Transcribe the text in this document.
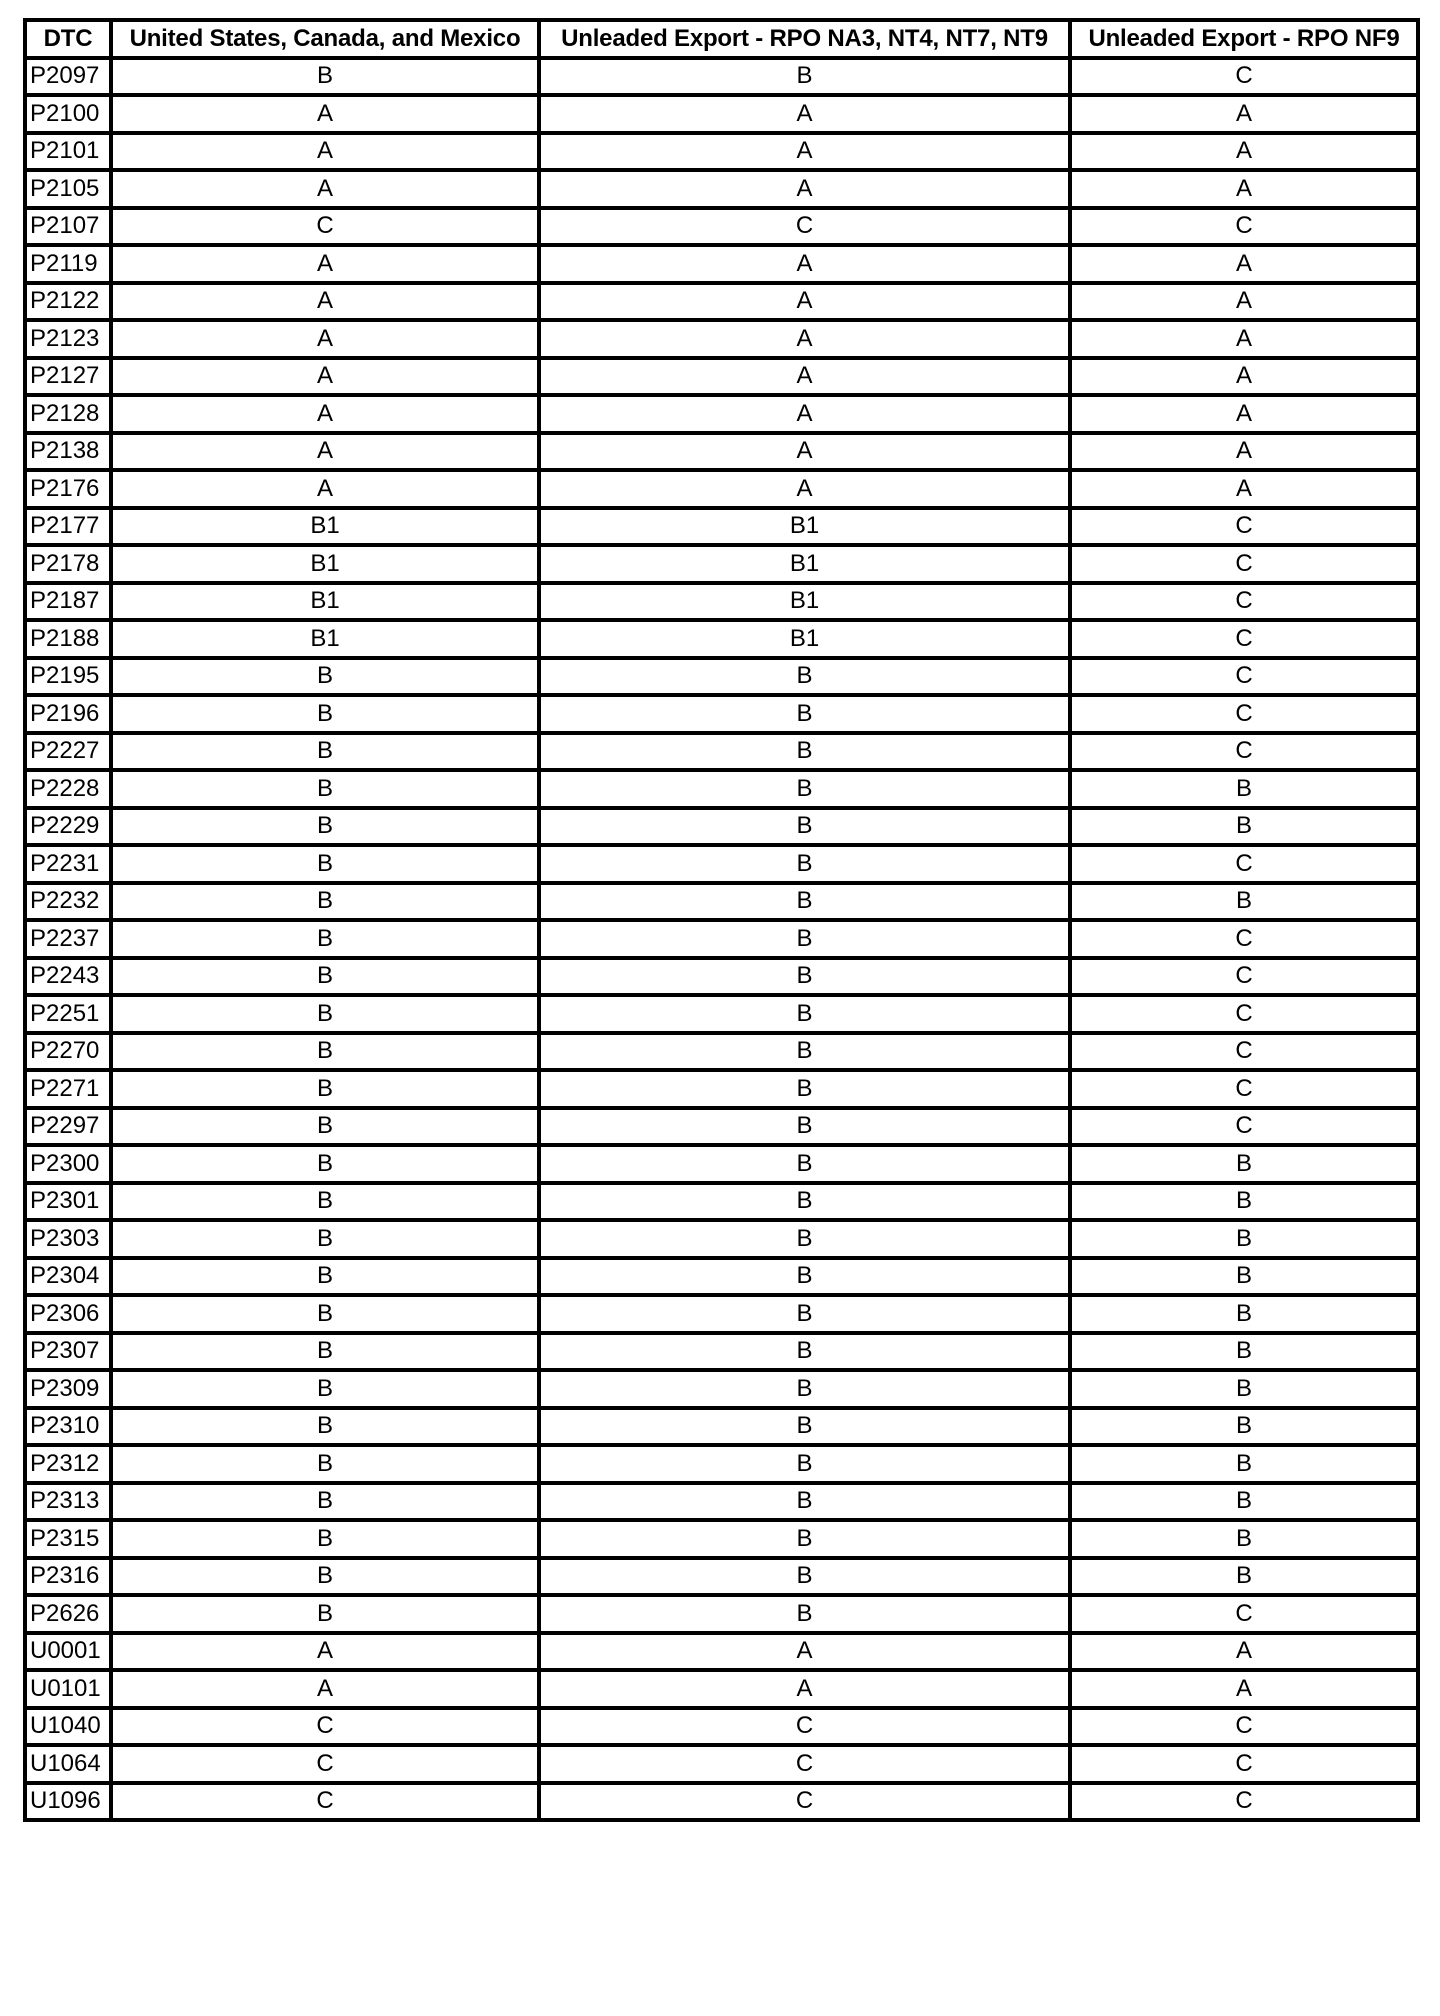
DTC	United States, Canada, and Mexico	Unleaded Export - RPO NA3, NT4, NT7, NT9	Unleaded Export - RPO NF9
P2097	B	B	C
P2100	A	A	A
P2101	A	A	A
P2105	A	A	A
P2107	C	C	C
P2119	A	A	A
P2122	A	A	A
P2123	A	A	A
P2127	A	A	A
P2128	A	A	A
P2138	A	A	A
P2176	A	A	A
P2177	B1	B1	C
P2178	B1	B1	C
P2187	B1	B1	C
P2188	B1	B1	C
P2195	B	B	C
P2196	B	B	C
P2227	B	B	C
P2228	B	B	B
P2229	B	B	B
P2231	B	B	C
P2232	B	B	B
P2237	B	B	C
P2243	B	B	C
P2251	B	B	C
P2270	B	B	C
P2271	B	B	C
P2297	B	B	C
P2300	B	B	B
P2301	B	B	B
P2303	B	B	B
P2304	B	B	B
P2306	B	B	B
P2307	B	B	B
P2309	B	B	B
P2310	B	B	B
P2312	B	B	B
P2313	B	B	B
P2315	B	B	B
P2316	B	B	B
P2626	B	B	C
U0001	A	A	A
U0101	A	A	A
U1040	C	C	C
U1064	C	C	C
U1096	C	C	C
